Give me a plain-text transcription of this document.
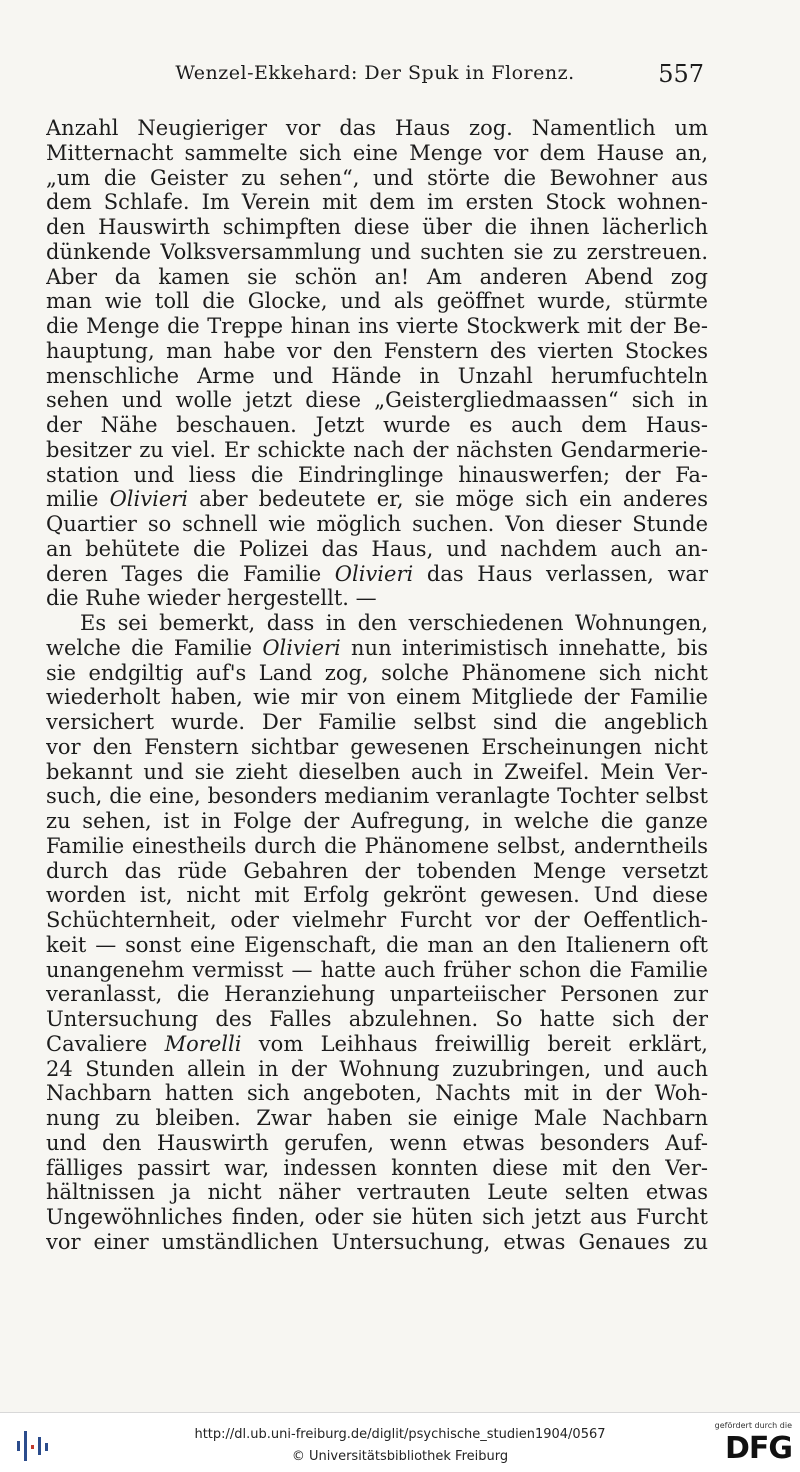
Wenzel-Ekkehard: Der Spuk in Florenz.	557
Anzahl Neugieriger vor das Haus zog. Namentlich um
Mitternacht sammelte sich eine Menge vor dem Hause an,
„um die Geister zu sehen“, und störte die Bewohner aus
dem Schlafe. Im Verein mit dem im ersten Stock wohnen-
den Hauswirth schimpften diese über die ihnen lächerlich
dünkende Volksversammlung und suchten sie zu zerstreuen.
Aber da kamen sie schön an! Am anderen Abend zog
man wie toll die Glocke, und als geöffnet wurde, stürmte
die Menge die Treppe hinan ins vierte Stockwerk mit der Be-
hauptung, man habe vor den Fenstern des vierten Stockes
menschliche Arme und Hände in Unzahl herumfuchteln
sehen und wolle jetzt diese „Geistergliedmaassen“ sich in
der Nähe beschauen. Jetzt wurde es auch dem Haus-
besitzer zu viel. Er schickte nach der nächsten Gendarmerie-
station und liess die Eindringlinge hinauswerfen; der Fa-
milie Olivieri aber bedeutete er, sie möge sich ein anderes
Quartier so schnell wie möglich suchen. Von dieser Stunde
an behütete die Polizei das Haus, und nachdem auch an-
deren Tages die Familie Olivieri das Haus verlassen, war
die Ruhe wieder hergestellt. —
Es sei bemerkt, dass in den verschiedenen Wohnungen,
welche die Familie Olivieri nun interimistisch innehatte, bis
sie endgiltig auf's Land zog, solche Phänomene sich nicht
wiederholt haben, wie mir von einem Mitgliede der Familie
versichert wurde. Der Familie selbst sind die angeblich
vor den Fenstern sichtbar gewesenen Erscheinungen nicht
bekannt und sie zieht dieselben auch in Zweifel. Mein Ver-
such, die eine, besonders medianim veranlagte Tochter selbst
zu sehen, ist in Folge der Aufregung, in welche die ganze
Familie einestheils durch die Phänomene selbst, anderntheils
durch das rüde Gebahren der tobenden Menge versetzt
worden ist, nicht mit Erfolg gekrönt gewesen. Und diese
Schüchternheit, oder vielmehr Furcht vor der Oeffentlich-
keit — sonst eine Eigenschaft, die man an den Italienern oft
unangenehm vermisst — hatte auch früher schon die Familie
veranlasst, die Heranziehung unparteiischer Personen zur
Untersuchung des Falles abzulehnen. So hatte sich der
Cavaliere Morelli vom Leihhaus freiwillig bereit erklärt,
24 Stunden allein in der Wohnung zuzubringen, und auch
Nachbarn hatten sich angeboten, Nachts mit in der Woh-
nung zu bleiben. Zwar haben sie einige Male Nachbarn
und den Hauswirth gerufen, wenn etwas besonders Auf-
fälliges passirt war, indessen konnten diese mit den Ver-
hältnissen ja nicht näher vertrauten Leute selten etwas
Ungewöhnliches finden, oder sie hüten sich jetzt aus Furcht
vor einer umständlichen Untersuchung, etwas Genaues zu
http://dl.ub.uni-freiburg.de/diglit/psychische_studien1904/0567
© Universitätsbibliothek Freiburg
gefördert durch die
DFG
